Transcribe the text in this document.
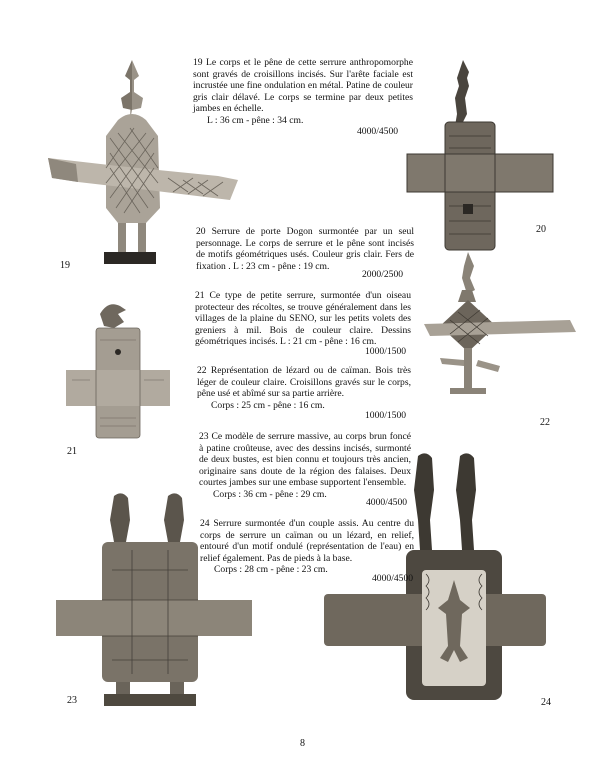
19 Le corps et le pêne de cette serrure anthropomorphe sont gravés de croisillons incisés. Sur l'arête faciale est incrustée une fine ondulation en métal. Patine de couleur gris clair délavé. Le corps se termine par deux petites jambes en échelle.

L : 36 cm - pêne : 34 cm.

4000/4500

20 Serrure de porte Dogon surmontée par un seul personnage. Le corps de serrure et le pêne sont incisés de motifs géométriques usés. Couleur gris clair. Fers de fixation . L : 23 cm - pêne : 19 cm.

2000/2500

21 Ce type de petite serrure, surmontée d'un oiseau protecteur des récoltes, se trouve généralement dans les villages de la plaine du SENO, sur les petits volets des greniers à mil. Bois de couleur claire. Dessins géométriques incisés. L : 21 cm - pêne : 16 cm.

1000/1500

22 Représentation de lézard ou de caïman. Bois très léger de couleur claire. Croisillons gravés sur le corps, pêne usé et abîmé sur sa partie arrière.

Corps : 25 cm - pêne : 16 cm.

1000/1500

23 Ce modèle de serrure massive, au corps brun foncé à patine croûteuse, avec des dessins incisés, surmonté de deux bustes, est bien connu et toujours très ancien, originaire sans doute de la région des falaises. Deux courtes jambes sur une embase supportent l'ensemble.

Corps : 36 cm - pêne : 29 cm.

4000/4500

24 Serrure surmontée d'un couple assis. Au centre du corps de serrure un caïman ou un lézard, en relief, entouré d'un motif ondulé (représentation de l'eau) en relief également. Pas de pieds à la base.

Corps : 28 cm - pêne : 23 cm.

4000/4500
19
20
21
22
23	24
8
